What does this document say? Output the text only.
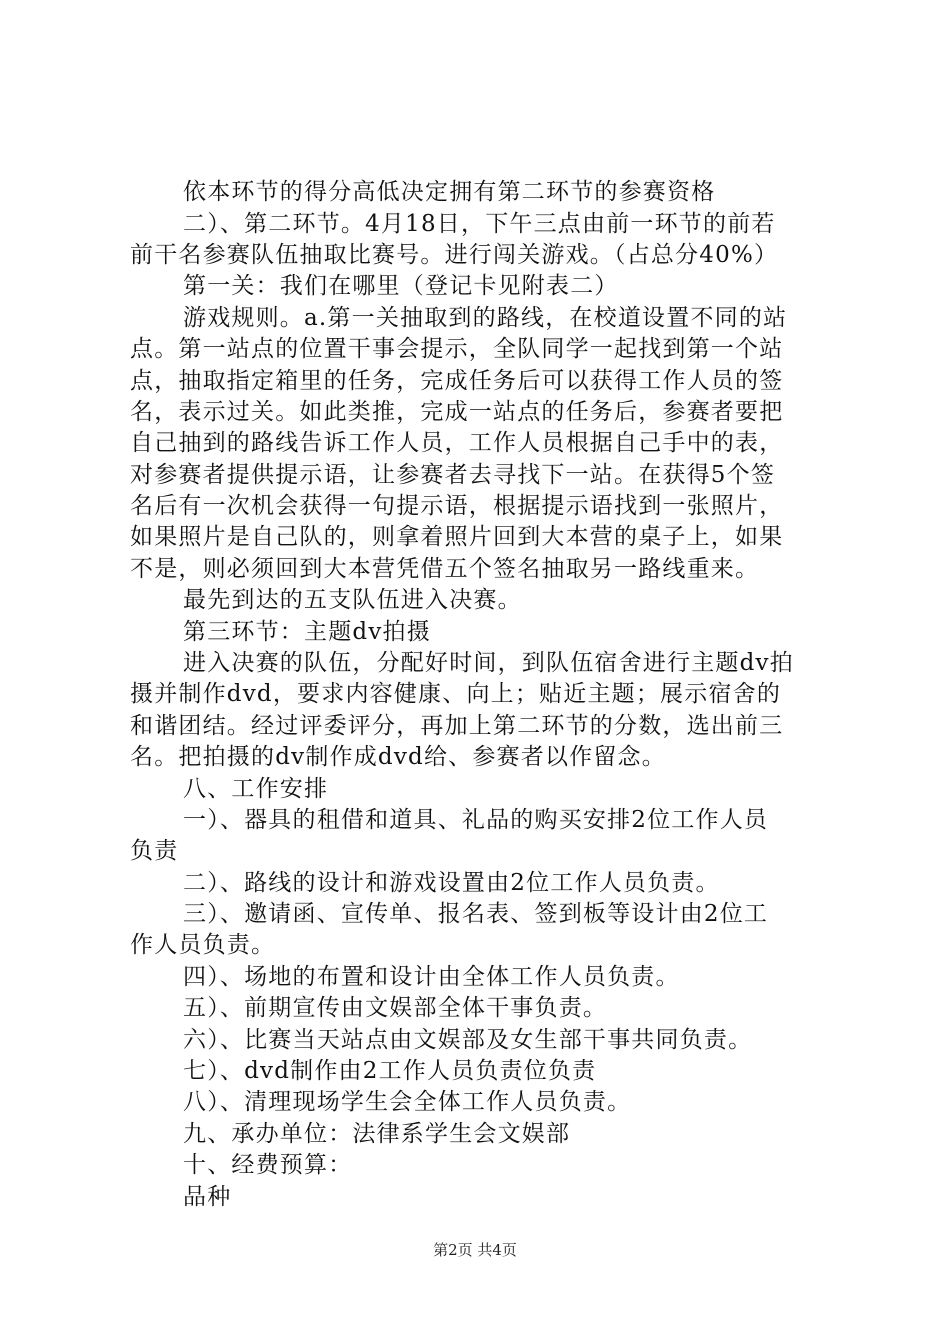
依本环节的得分高低决定拥有第二环节的参赛资格
二）、第二环节。4月18日，下午三点由前一环节的前若
前干名参赛队伍抽取比赛号。进行闯关游戏。（占总分40%）
第一关：我们在哪里（登记卡见附表二）
游戏规则。a.第一关抽取到的路线，在校道设置不同的站
点。第一站点的位置干事会提示，全队同学一起找到第一个站
点，抽取指定箱里的任务，完成任务后可以获得工作人员的签
名，表示过关。如此类推，完成一站点的任务后，参赛者要把
自己抽到的路线告诉工作人员，工作人员根据自己手中的表，
对参赛者提供提示语，让参赛者去寻找下一站。在获得5个签
名后有一次机会获得一句提示语，根据提示语找到一张照片，
如果照片是自己队的，则拿着照片回到大本营的桌子上，如果
不是，则必须回到大本营凭借五个签名抽取另一路线重来。
最先到达的五支队伍进入决赛。
第三环节：主题dv拍摄
进入决赛的队伍，分配好时间，到队伍宿舍进行主题dv拍
摄并制作dvd，要求内容健康、向上；贴近主题；展示宿舍的
和谐团结。经过评委评分，再加上第二环节的分数，选出前三
名。把拍摄的dv制作成dvd给、参赛者以作留念。
八、工作安排
一）、器具的租借和道具、礼品的购买安排2位工作人员
负责
二）、路线的设计和游戏设置由2位工作人员负责。
三）、邀请函、宣传单、报名表、签到板等设计由2位工
作人员负责。
四）、场地的布置和设计由全体工作人员负责。
五）、前期宣传由文娱部全体干事负责。
六）、比赛当天站点由文娱部及女生部干事共同负责。
七）、dvd制作由2工作人员负责位负责
八）、清理现场学生会全体工作人员负责。
九、承办单位：法律系学生会文娱部
十、经费预算：
品种
第2页 共4页
